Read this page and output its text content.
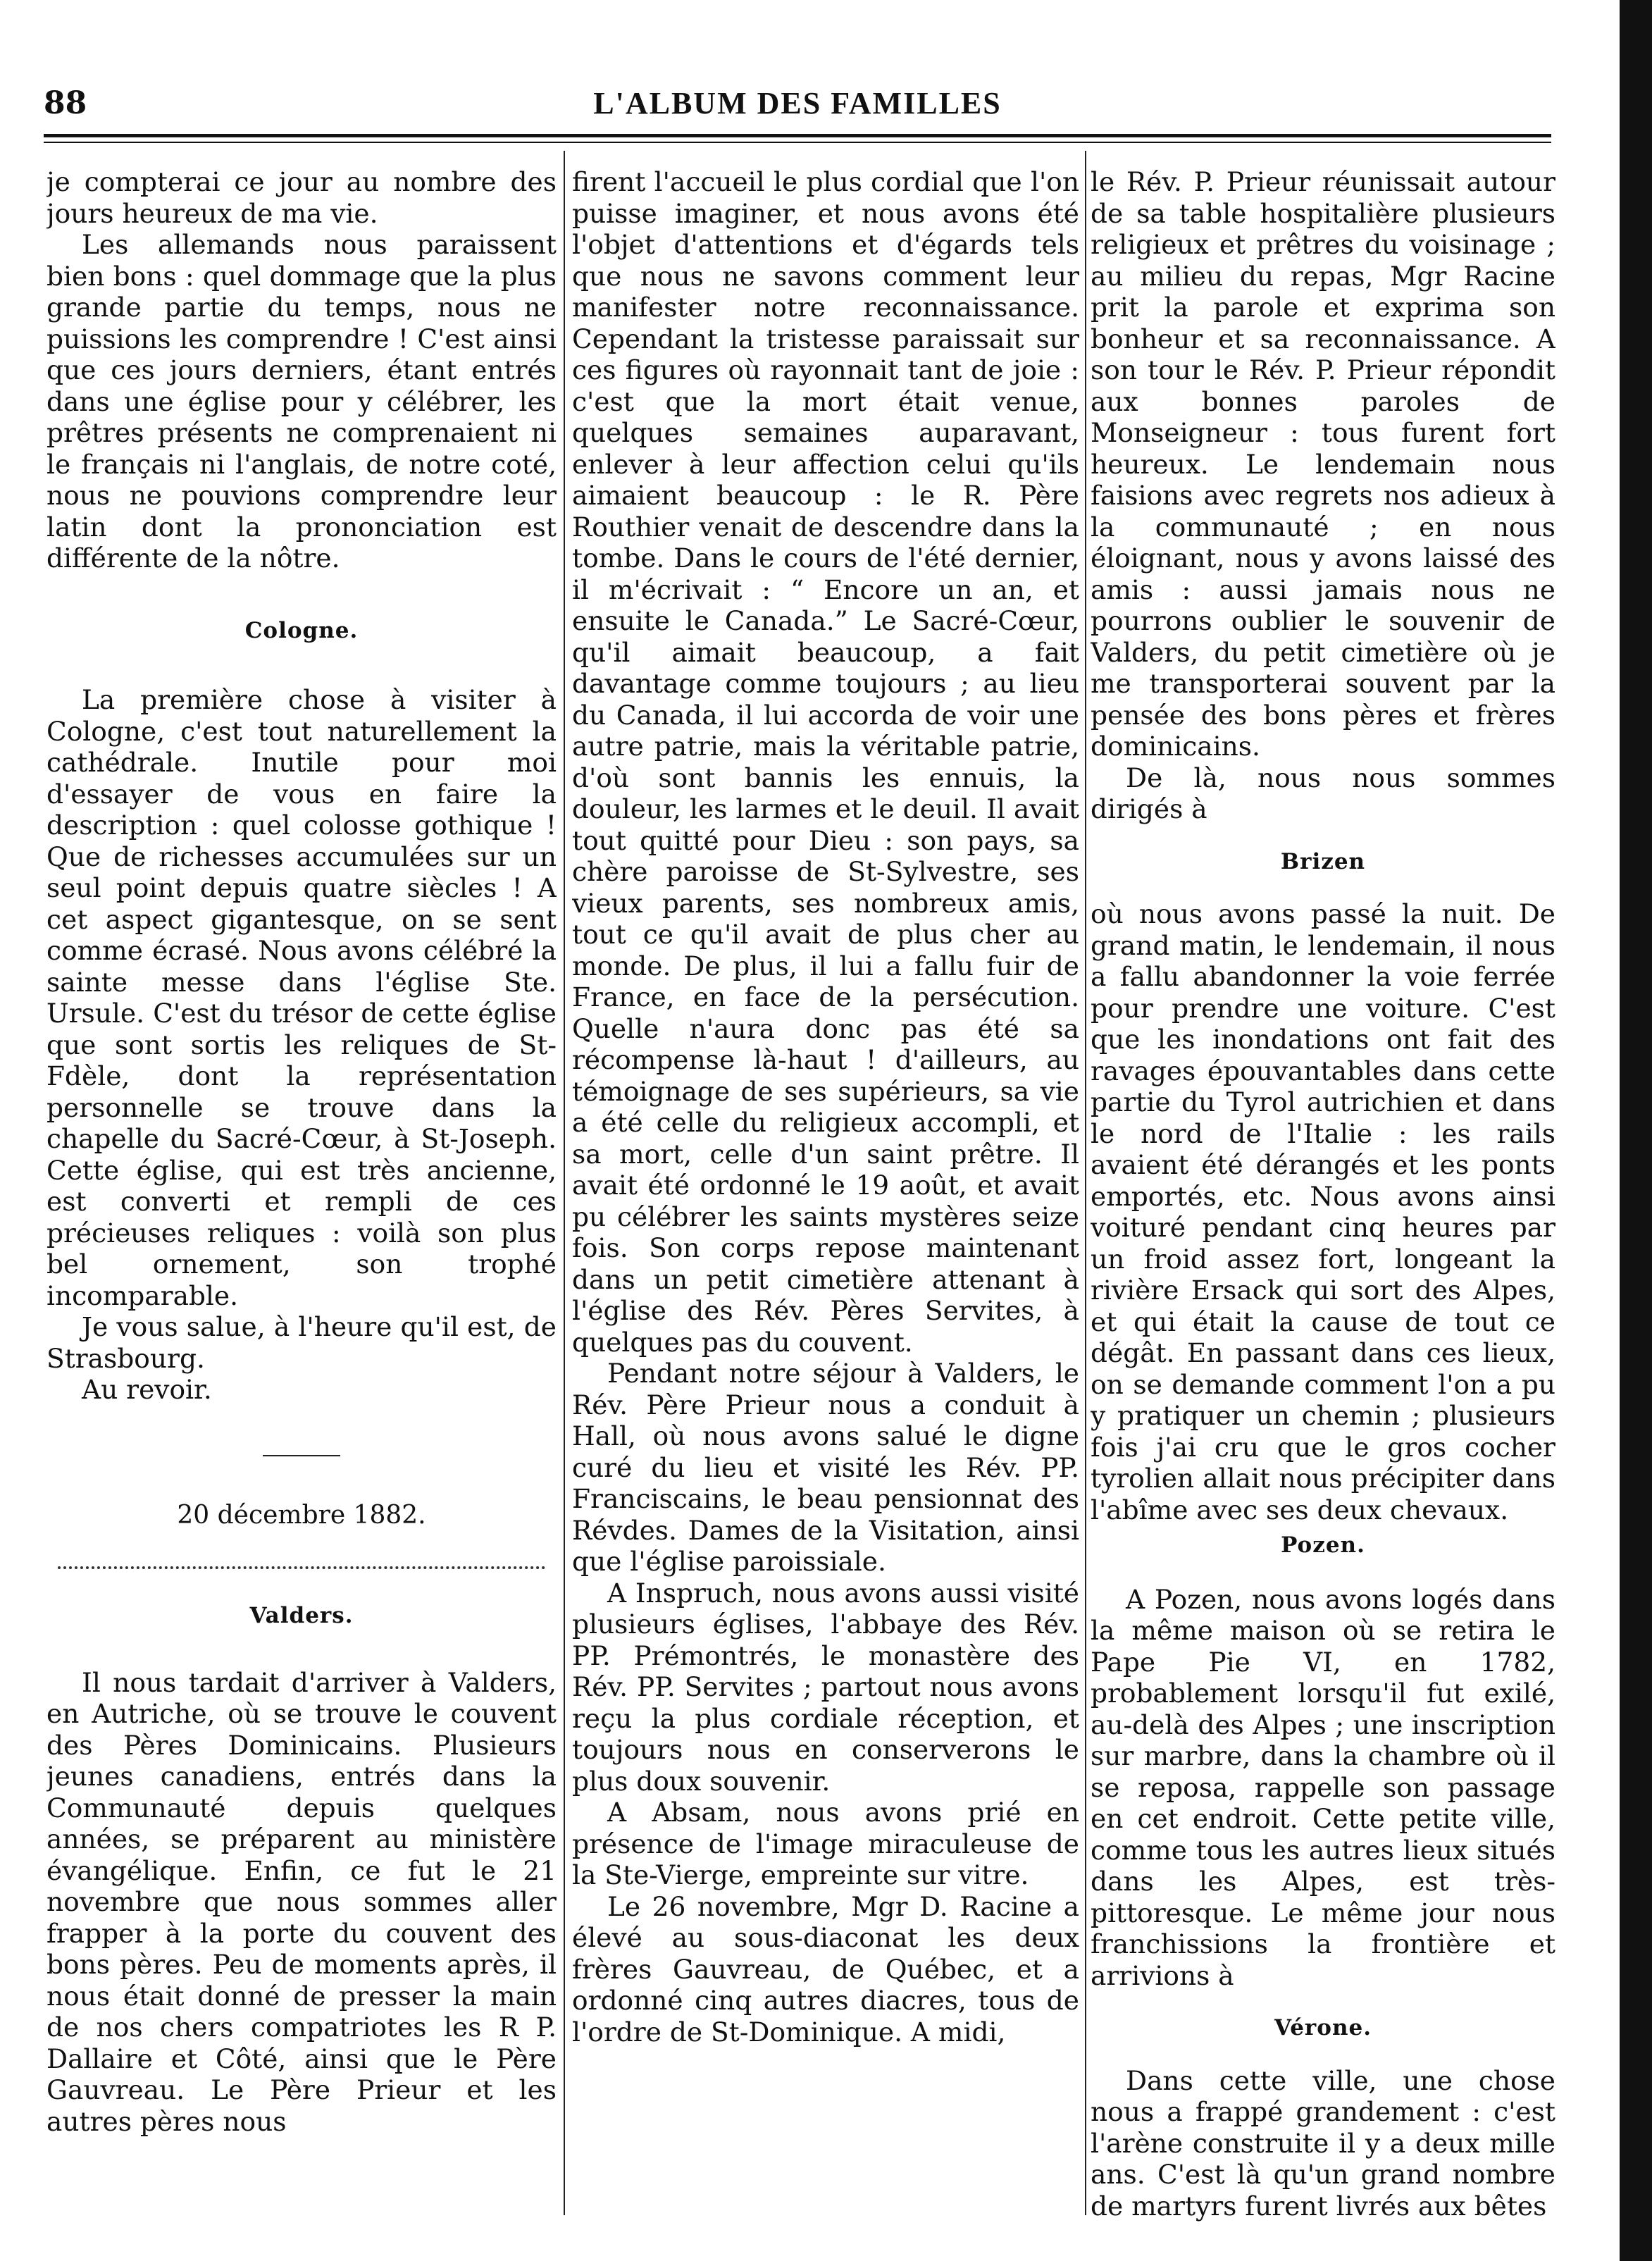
88	L'ALBUM DES FAMILLES

je compterai ce jour au nombre des jours heureux de ma vie.

Les allemands nous paraissent bien bons : quel dommage que la plus grande partie du temps, nous ne puissions les comprendre ! C'est ainsi que ces jours derniers, étant entrés dans une église pour y célébrer, les prêtres présents ne comprenaient ni le français ni l'anglais, de notre coté, nous ne pouvions comprendre leur latin dont la prononciation est différente de la nôtre.

Cologne.

La première chose à visiter à Cologne, c'est tout naturellement la cathédrale. Inutile pour moi d'essayer de vous en faire la description : quel colosse gothique ! Que de richesses accumulées sur un seul point depuis quatre siècles ! A cet aspect gigantesque, on se sent comme écrasé. Nous avons célébré la sainte messe dans l'église Ste. Ursule. C'est du trésor de cette église que sont sortis les reliques de St-Fdèle, dont la représentation personnelle se trouve dans la chapelle du Sacré-Cœur, à St-Joseph. Cette église, qui est très ancienne, est converti et rempli de ces précieuses reliques : voilà son plus bel ornement, son trophé incomparable.

Je vous salue, à l'heure qu'il est, de Strasbourg.

Au revoir.

20 décembre 1882.

Valders.

Il nous tardait d'arriver à Valders, en Autriche, où se trouve le couvent des Pères Dominicains. Plusieurs jeunes canadiens, entrés dans la Communauté depuis quelques années, se préparent au ministère évangélique. Enfin, ce fut le 21 novembre que nous sommes aller frapper à la porte du couvent des bons pères. Peu de moments après, il nous était donné de presser la main de nos chers compatriotes les R P. Dallaire et Côté, ainsi que le Père Gauvreau. Le Père Prieur et les autres pères nous

firent l'accueil le plus cordial que l'on puisse imaginer, et nous avons été l'objet d'attentions et d'égards tels que nous ne savons comment leur manifester notre reconnaissance. Cependant la tristesse paraissait sur ces figures où rayonnait tant de joie : c'est que la mort était venue, quelques semaines auparavant, enlever à leur affection celui qu'ils aimaient beaucoup : le R. Père Routhier venait de descendre dans la tombe. Dans le cours de l'été dernier, il m'écrivait : “ Encore un an, et ensuite le Canada.” Le Sacré-Cœur, qu'il aimait beaucoup, a fait davantage comme toujours ; au lieu du Canada, il lui accorda de voir une autre patrie, mais la véritable patrie, d'où sont bannis les ennuis, la douleur, les larmes et le deuil. Il avait tout quitté pour Dieu : son pays, sa chère paroisse de St-Sylvestre, ses vieux parents, ses nombreux amis, tout ce qu'il avait de plus cher au monde. De plus, il lui a fallu fuir de France, en face de la persécution. Quelle n'aura donc pas été sa récompense là-haut ! d'ailleurs, au témoignage de ses supérieurs, sa vie a été celle du religieux accompli, et sa mort, celle d'un saint prêtre. Il avait été ordonné le 19 août, et avait pu célébrer les saints mystères seize fois. Son corps repose maintenant dans un petit cimetière attenant à l'église des Rév. Pères Servites, à quelques pas du couvent.

Pendant notre séjour à Valders, le Rév. Père Prieur nous a conduit à Hall, où nous avons salué le digne curé du lieu et visité les Rév. PP. Franciscains, le beau pensionnat des Révdes. Dames de la Visitation, ainsi que l'église paroissiale.

A Inspruch, nous avons aussi visité plusieurs églises, l'abbaye des Rév. PP. Prémontrés, le monastère des Rév. PP. Servites ; partout nous avons reçu la plus cordiale réception, et toujours nous en conserverons le plus doux souvenir.

A Absam, nous avons prié en présence de l'image miraculeuse de la Ste-Vierge, empreinte sur vitre.

Le 26 novembre, Mgr D. Racine a élevé au sous-diaconat les deux frères Gauvreau, de Québec, et a ordonné cinq autres diacres, tous de l'ordre de St-Dominique. A midi,

le Rév. P. Prieur réunissait autour de sa table hospitalière plusieurs religieux et prêtres du voisinage ; au milieu du repas, Mgr Racine prit la parole et exprima son bonheur et sa reconnaissance. A son tour le Rév. P. Prieur répondit aux bonnes paroles de Monseigneur : tous furent fort heureux. Le lendemain nous faisions avec regrets nos adieux à la communauté ; en nous éloignant, nous y avons laissé des amis : aussi jamais nous ne pourrons oublier le souvenir de Valders, du petit cimetière où je me transporterai souvent par la pensée des bons pères et frères dominicains.

De là, nous nous sommes dirigés à

Brizen

où nous avons passé la nuit. De grand matin, le lendemain, il nous a fallu abandonner la voie ferrée pour prendre une voiture. C'est que les inondations ont fait des ravages épouvantables dans cette partie du Tyrol autrichien et dans le nord de l'Italie : les rails avaient été dérangés et les ponts emportés, etc. Nous avons ainsi voituré pendant cinq heures par un froid assez fort, longeant la rivière Ersack qui sort des Alpes, et qui était la cause de tout ce dégât. En passant dans ces lieux, on se demande comment l'on a pu y pratiquer un chemin ; plusieurs fois j'ai cru que le gros cocher tyrolien allait nous précipiter dans l'abîme avec ses deux chevaux.

Pozen.

A Pozen, nous avons logés dans la même maison où se retira le Pape Pie VI, en 1782, probablement lorsqu'il fut exilé, au-delà des Alpes ; une inscription sur marbre, dans la chambre où il se reposa, rappelle son passage en cet endroit. Cette petite ville, comme tous les autres lieux situés dans les Alpes, est très-pittoresque. Le même jour nous franchissions la frontière et arrivions à

Vérone.

Dans cette ville, une chose nous a frappé grandement : c'est l'arène construite il y a deux mille ans. C'est là qu'un grand nombre de martyrs furent livrés aux bêtes
